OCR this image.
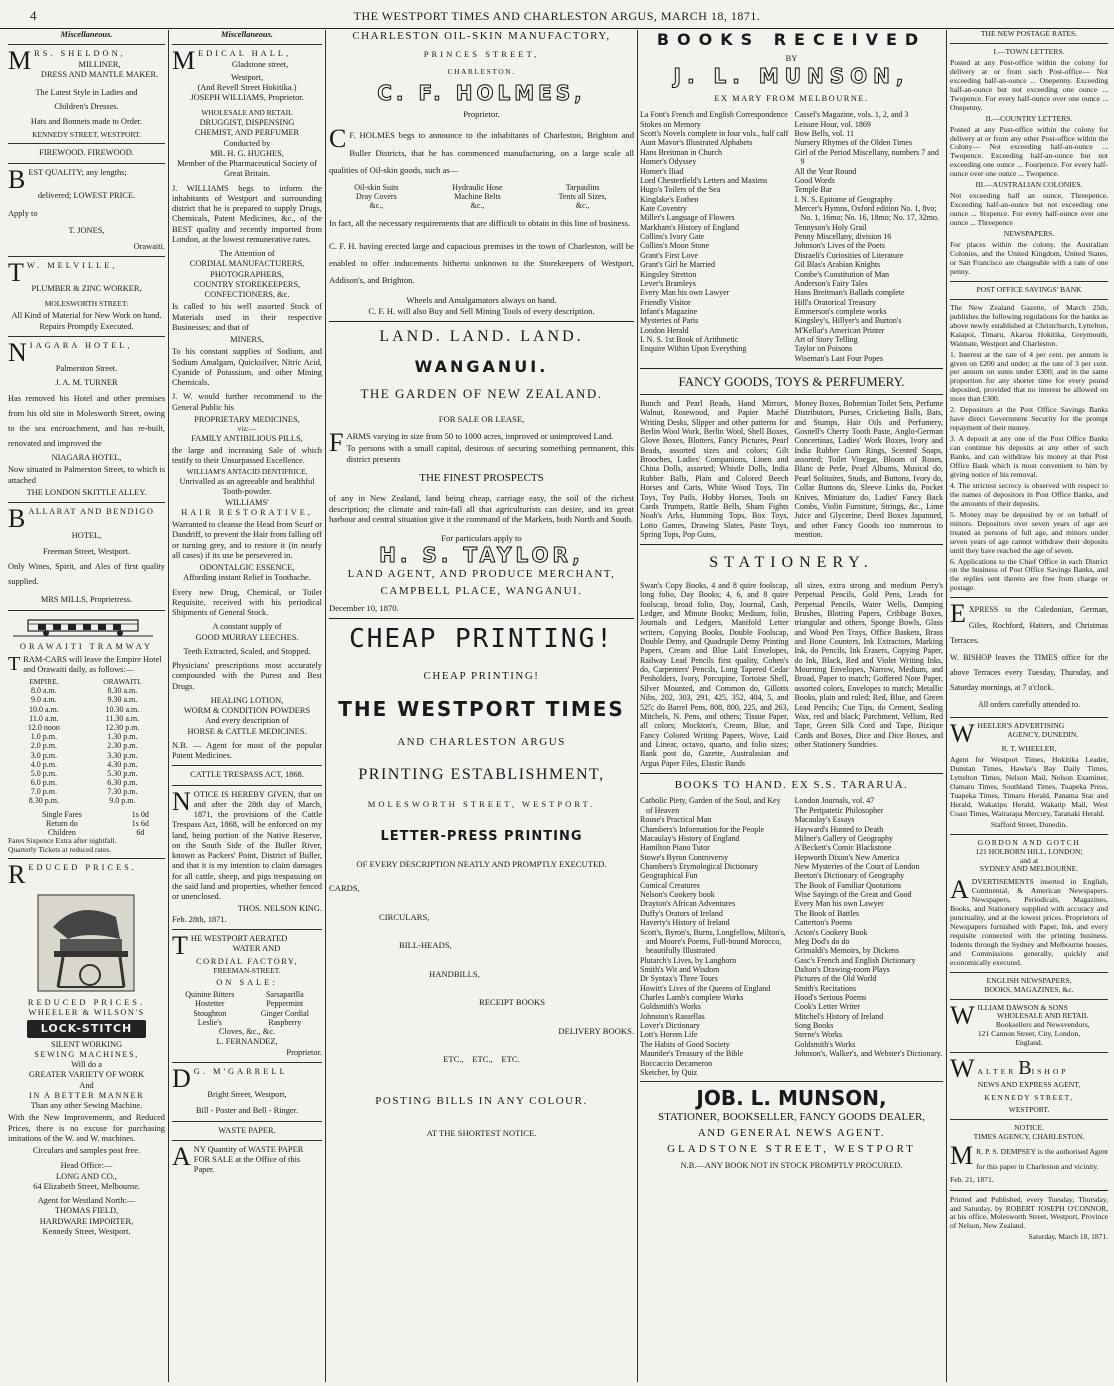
4	THE WESTPORT TIMES AND CHARLESTON ARGUS, MARCH 18, 1871.
Miscellaneous.
MRS. SHELDON,
MILLINER,
DRESS AND MANTLE MAKER.
The Latest Style in Ladies and
Children's Dresses.
Hats and Bonnets made to Order.
KENNEDY STREET, WESTPORT.
FIREWOOD. FIREWOOD.
BEST QUALITY; any lengths;
delivered; LOWEST PRICE.
Apply to
T. JONES,
Orawaiti.
T W. MELVILLE,
PLUMBER & ZINC WORKER,
MOLESWORTH STREET:
All Kind of Material for New Work on hand.
Repairs Promptly Executed.
NIAGARA HOTEL,
Palmerston Street.
J. A. M. TURNER
Has removed his Hotel and other premises from his old site in Molesworth Street, owing to the sea encroachment, and has re-built, renovated and improved the
NIAGARA HOTEL,
Now situated in Palmerston Street, to which is attached
THE LONDON SKITTLE ALLEY.
BALLARAT AND BENDIGO
HOTEL,
Freeman Street, Westport.
Only Wines, Spirit, and Ales of first quality supplied.
MRS MILLS, Proprietress.
ORAWAITI TRAMWAY
TRAM-CARS will leave the Empire Hotel and Orawaiti daily, as follows:—
EMPIRE.	ORAWAITI.
8.0 a.m.	8.30 a.m.
9.0 a.m.	9.30 a.m.
10.0 a.m.	10.30 a.m.
11.0 a.m.	11.30 a.m.
12.0 noon	12.30 p.m.
1.0 p.m.	1.30 p.m.
2.0 p.m.	2.30 p.m.
3.0 p.m.	3.30 p.m.
4.0 p.m.	4.30 p.m.
5.0 p.m.	5.30 p.m.
6.0 p.m.	6.30 p.m.
7.0 p.m.	7.30 p.m.
8.30 p.m.	9.0 p.m.
Single Fares	1s 0d
Return do	1s 6d
Children	6d
Fares Sixpence Extra after nightfall.
Quarterly Tickets at reduced rates.
REDUCED PRICES.
REDUCED PRICES.
WHEELER & WILSON'S
LOCK-STITCH
SILENT WORKING
SEWING MACHINES,
Will do a
GREATER VARIETY OF WORK
And
IN A BETTER MANNER
Than any other Sewing Machine.
With the New Improvements, and Reduced Prices, there is no excuse for purchasing imitations of the W. and W. machines.
Circulars and samples post free.
Head Office:—
LONG AND CO.,
64 Elizabeth Street, Melbourne.
Agent for Westland North:—
THOMAS FIELD,
HARDWARE IMPORTER,
Kennedy Street, Westport.
Miscellaneous.
MEDICAL HALL,
Gladstone street,
Westport,
(And Revell Street Hokitika.)
JOSEPH WILLIAMS, Proprietor.
WHOLESALE AND RETAIL
DRUGGIST, DISPENSING
CHEMIST, AND PERFUMER
Conducted by
MR. H. G. HUGHES,
Member of the Pharmaceutical Society of Great Britain.
J. WILLIAMS begs to inform the inhabitants of Westport and surrounding district that he is prepared to supply Drugs, Chemicals, Patent Medicines, &c., of the BEST quality and recently imported from London, at the lowest remunerative rates.
The Attention of
CORDIAL MANUFACTURERS,
PHOTOGRAPHERS,
COUNTRY STOREKEEPERS,
CONFECTIONERS, &c.
Is called to his well assorted Stock of Materials used in their respective Businesses; and that of
MINERS,
To his constant supplies of Sodium, and Sodium Amalgam, Quicksilver, Nitric Acid, Cyanide of Potassium, and other Mining Chemicals.
J. W. would further recommend to the General Public his
PROPRIETARY MEDICINES,
viz:—
FAMILY ANTIBILIOUS PILLS,
the large and increasing Sale of which testify to their Unsurpassed Excellence.
WILLIAM'S ANTACID DENTIFRICE,
Unrivalled as an agreeable and healthful Tooth-powder.
WILLIAMS'
HAIR RESTORATIVE,
Warranted to cleanse the Head from Scurf or Dandriff, to prevent the Hair from falling off or turning grey, and to restore it (in nearly all cases) if its use be persevered in.
ODONTALGIC ESSENCE,
Affording instant Relief in Toothache.
Every new Drug, Chemical, or Toilet Requisite, received with his periodical Shipments of General Stock.
A constant supply of
GOOD MURRAY LEECHES.
Teeth Extracted, Scaled, and Stopped.
Physicians' prescriptions most accurately compounded with the Purest and Best Drugs.
HEALING LOTION,
WORM & CONDITION POWDERS
And every description of
HORSE & CATTLE MEDICINES.
N.B. — Agent for most of the popular Patent Medicines.
CATTLE TRESPASS ACT, 1868.
NOTICE IS HEREBY GIVEN, that on and after the 28th day of March, 1871, the provisions of the Cattle Trespass Act, 1868, will be enforced on my land, being portion of the Native Reserve, on the South Side of the Buller River, known as Packers' Point, District of Buller, and that it is my intention to claim damages for all cattle, sheep, and pigs trespassing on the said land and properties, whether fenced or unenclosed.
THOS. NELSON KING.
Feb. 28th, 1871.
THE WESTPORT AERATED
WATER AND
CORDIAL FACTORY,
FREEMAN-STREET.
ON SALE:
Quinine Bitters	Sarsaparilla
Hostetter	Peppermint
Stoughton	Ginger Cordial
Leslie's	Raspberry
Cloves, &c., &c.
L. FERNANDEZ,
Proprietor.
D G. M'GARRELL
Bright Street, Westport,
Bill - Poster and Bell - Ringer.
WASTE PAPER.
ANY Quantity of WASTE PAPER
FOR SALE at the Office of this Paper.
CHARLESTON OIL-SKIN MANUFACTORY,
PRINCES STREET,
CHARLESTON.
C. F. HOLMES,
Proprietor.
C F. HOLMES begs to announce to the inhabitants of Charleston, Brighton and Buller Districts, that he has commenced manufacturing, on a large scale all qualities of Oil-skin goods, such as—
Oil-skin Suits	Hydraulic Hose	Tarpaulins
Dray Covers	Machine Belts	Tents all Sizes,
&c.,	&c.,	&c.,
In fact, all the necessary requirements that are difficult to obtain in this line of business.
C. F. H. having erected large and capacious premises in the town of Charleston, will be enabled to offer inducements hitherto unknown to the Storekeepers of Westport, Addison's, and Brighton.
Wheels and Amalgamators always on hand.
C. F. H. will also Buy and Sell Mining Tools of every description.
LAND. LAND. LAND.
WANGANUI.
THE GARDEN OF NEW ZEALAND.
FOR SALE OR LEASE,
FARMS varying in size from 50 to 1000 acres, improved or unimproved Land.
To persons with a small capital, desirous of securing something permanent, this district presents
THE FINEST PROSPECTS
of any in New Zealand, land being cheap, carriage easy, the soil of the richest description; the climate and rain-fall all that agriculturists can desire, and its great harbour and central situation give it the command of the Markets, both North and South.
For particulars apply to
H. S. TAYLOR,
LAND AGENT, AND PRODUCE MERCHANT,
CAMPBELL PLACE, WANGANUI.
December 10, 1870.
CHEAP PRINTING!
CHEAP PRINTING!
THE WESTPORT TIMES
AND CHARLESTON ARGUS
PRINTING ESTABLISHMENT,
MOLESWORTH STREET, WESTPORT.
LETTER-PRESS PRINTING
OF EVERY DESCRIPTION NEATLY AND PROMPTLY EXECUTED.
CARDS,
CIRCULARS,
BILL-HEADS,
HANDBILLS,
RECEIPT BOOKS
DELIVERY BOOKS.
ETC., ETC., ETC.
POSTING BILLS IN ANY COLOUR.
AT THE SHORTEST NOTICE.
BOOKS RECEIVED
BY
J. L. MUNSON,
EX MARY FROM MELBOURNE.
La Font's French and English Correspondence
Stokes on Memory
Scott's Novels complete in four vols., half calf
Aunt Mavor's Illustrated Alphabets
Hans Breitman in Church
Homer's Odyssey
Homer's Iliad
Lord Chesterfield's Letters and Maxims
Hugo's Toilers of the Sea
Kinglake's Eothen
Kate Coventry
Miller's Language of Flowers
Markham's History of England
Collins's Ivory Gate
Collins's Moon Stone
Grant's First Love
Grant's Girl he Married
Kingsley Stretton
Lever's Bramleys
Every Man his own Lawyer
Friendly Visitor
Infant's Magazine
Mysteries of Paris
London Herald
I. N. S. 1st Book of Arithmetic
Enquire Within Upon Everything
Cassel's Magazine, vols. 1, 2, and 3
Leisure Hour, vol. 1869
Bow Bells, vol. 11
Nursery Rhymes of the Olden Times
Girl of the Period Miscellany, numbers 7 and 9
All the Year Round
Good Words
Temple Bar
I. N. S. Epitome of Geography
Mercer's Hymns, Oxford edition No. 1, 8vo; No. 1, 16mo; No. 16, 18mo; No. 17, 32mo.
Tennyson's Holy Grail
Penny Miscellany, division 16
Johnson's Lives of the Poets
Disraeli's Curiosities of Literature
Gil Blas's Arabian Knights
Combe's Constitution of Man
Anderson's Fairy Tales
Hans Breitman's Ballads complete
Hill's Oratorical Treasury
Emmerson's complete works
Kingsley's, Hillyer's and Burton's
M'Kellar's American Printer
Art of Story Telling
Taylor on Poisons
Wiseman's Last Four Popes
FANCY GOODS, TOYS & PERFUMERY.
Bunch and Pearl Beads, Hand Mirrors, Walnut, Rosewood, and Papier Maché Writing Desks, Slipper and other patterns for Berlin Wool Work, Berlin Wool, Shell Boxes, Glove Boxes, Blotters, Fancy Pictures, Pearl Beads, assorted sizes and colors; Gilt Brooches, Ladies' Companions, Linen and China Dolls, assorted; Whistle Dolls, India Rubber Balls, Plain and Colored Beech Horses and Carts, White Wood Toys, Tin Toys, Toy Pails, Hobby Horses, Tools on Cards Trumpets, Rattle Bells, Sham Fights Noah's Arks, Humming Tops, Box Toys, Lotto Games, Drawing Slates, Paste Toys, Spring Tops, Pop Guns,
Money Boxes, Bohemian Toilet Sets, Perfume Distributors, Purses, Cricketing Balls, Bats, and Stumps, Hair Oils and Perfumery, Gosnell's Cherry Tooth Paste, Anglo-German Concertinas, Ladies' Work Boxes, Ivory and India Rubber Gum Rings, Scented Soaps, assorted; Toilet Vinegar, Bloom of Roses, Blanc de Perle, Pearl Albums, Musical do, Pearl Solitaires, Studs, and Buttons, Ivory do, Collar Buttons do, Sleeve Links do, Pocket Knives, Miniature do, Ladies' Fancy Back Combs, Violin Furniture, Strings, &c., Lime Juice and Glycerine, Deed Boxes Japanned, and other Fancy Goods too numerous to mention.
STATIONERY.
Swan's Copy Books, 4 and 8 quire foolscap, long folio, Day Books; 4, 6, and 8 quire foolscap, broad folio, Day, Journal, Cash, Ledger, and Minute Books; Medium, folio, Journals and Ledgers, Manifold Letter writers, Copying Books, Double Foolscap, Double Demy, and Quadruple Demy Printing Papers, Cream and Blue Laid Envelopes, Railway Lead Pencils first quality, Cohen's do, Carpenters' Pencils, Long Tapered Cedar Penholders, Ivory, Porcupine, Tortoise Shell, Silver Mounted, and Common do, Gillotts Nibs, 202, 303, 291, 425, 352, 404, 5, and 525; do Barrel Pens, 808, 800, 225, and 263, Mitchels, N. Pens, and others; Tissue Paper, all colors; Mockton's, Cream, Blue, and Fancy Colored Writing Papers, Wove, Laid and Linear, octavo, quarto, and folio sizes; Bank post do, Gazette, Australasian and Argus Paper Files, Elastic Bands
all sizes, extra strong and medium Perry's Perpetual Pencils, Gold Pens, Leads for Perpetual Pencils, Water Wells, Damping Brushes, Blotting Papers, Cribbage Boxes, triangular and others, Sponge Bowls, Glass and Wood Pen Trays, Office Baskets, Brass and Bone Counters, Ink Extractors, Marking Ink, do Pencils, Ink Erasers, Copying Paper, do Ink, Black, Red and Violet Writing Inks, Mourning Envelopes, Narrow, Medium, and Broad, Paper to match; Goffered Note Paper, assorted colors, Envelopes to match; Metallic Books, plain and ruled; Red, Blue, and Green Lead Pencils; Cue Tips, do Cement, Sealing Wax, red and black; Parchment, Vellum, Red Tape, Green Silk Cord and Tape, Bizique Cards and Boxes, Dice and Dice Boxes, and other Stationery Sundries.
BOOKS TO HAND. EX S.S. TARARUA.
Catholic Piety, Garden of the Soul, and Key of Heaven
Rouse's Practical Man
Chambers's Information for the People
Macaulay's History of England
Hamilton Piano Tutor
Stowe's Byron Controversy
Chambers's Etymological Dictionary
Geographical Fun
Comical Creatures
Nelson's Cookery book
Drayton's African Adventures
Duffy's Orators of Ireland
Haverty's History of Ireland
Scott's, Byron's, Burns, Longfellow, Milton's, and Moore's Poems, Full-bound Morocco, beautifully Illustrated
Plutarch's Lives, by Langhorn
Smith's Wit and Wisdom
Dr Syntax's Three Tours
Howitt's Lives of the Queens of England
Charles Lamb's complete Works
Goldsmith's Works
Johnston's Rassellas
Lover's Dictionary
Lott's Horem Life
The Habits of Good Society
Maunder's Treasury of the Bible
Boccaccio Decameron
Sketcher, by Quiz
London Journals, vol. 47
The Peripatetic Philosopher
Macaulay's Essays
Hayward's Hunted to Death
Milner's Gallery of Geography
A'Beckett's Comic Blackstone
Hepworth Dixon's New America
New Mysteries of the Court of London
Beeton's Dictionary of Geography
The Book of Familiar Quotations
Wise Sayings of the Great and Good
Every Man his own Lawyer
The Book of Battles
Catterton's Poems
Acton's Cookery Book
Meg Dod's do do
Grimaldi's Memoirs, by Dickens
Gasc's French and English Dictionary
Dalton's Drawing-room Plays
Pictures of the Old World
Smith's Recitations
Hood's Serious Poems
Cook's Letter Writer
Mitchel's History of Ireland
Song Books
Sterne's Works
Goldsmith's Works
Johnson's, Walker's, and Webster's Dictionary.
JOB. L. MUNSON,
STATIONER, BOOKSELLER, FANCY GOODS DEALER,
AND GENERAL NEWS AGENT.
GLADSTONE STREET, WESTPORT
N.B.—ANY BOOK NOT IN STOCK PROMPTLY PROCURED.
THE NEW POSTAGE RATES.
I.—TOWN LETTERS.
Posted at any Post-office within the colony for delivery at or from such Post-office— Not exceeding half-an-ounce ... Onepenny. Exceeding half-an-ounce but not exceeding one ounce ... Twopence. For every half-ounce over one ounce ... Onepenny.
II.—COUNTRY LETTERS.
Posted at any Post-office within the colony for delivery at or from any other Post-office within the Colony— Not exceeding half-an-ounce ... Twopence. Exceeding half-an-ounce but not exceeding one ounce ... Fourpence. For every half-ounce over one ounce ... Twopence.
III.—AUSTRALIAN COLONIES.
Not exceeding half an ounce, Threepence. Exceeding half-an-ounce but not exceeding one ounce ... Sixpence. For every half-ounce over one ounce ... Threepence
NEWSPAPERS.
For places within the colony, the Australian Colonies, and the United Kingdom, United States, or San Francisco are chargeable with a rate of one penny.
POST OFFICE SAVINGS' BANK
The New Zealand Gazette, of March 25th, publishes the following regulations for the banks as above newly established at Christchurch, Lyttelton, Kaiapoi, Timaru, Akaroa Hokitika, Greymouth, Waimate, Westport and Charleston.
1. Interest at the rate of 4 per cent. per annum is given on £200 and under; at the rate of 3 per cent. per annum on sums under £300; and in the same proportion for any shorter time for every pound deposited, provided that no interest be allowed on more than £300.
2. Depositors at the Post Office Savings Banks have direct Government Security for the prompt repayment of their money.
3. A deposit at any one of the Post Office Banks can continue his deposits at any other of such Banks, and can withdraw his money at that Post Office Bank which is most convenient to him by giving notice of his removal.
4. The strictest secrecy is observed with respect to the names of depositors in Post Office Banks, and the amounts of their deposits.
5. Money may be deposited by or on behalf of minors. Depositors over seven years of age are treated as persons of full age, and minors under seven years of age cannot withdraw their deposits until they have reached the age of seven.
6. Applications to the Chief Office in each District on the business of Post Office Savings Banks, and the replies sent thereto are free from charge or postage.
EXPRESS to the Caledonian, German, Giles, Rochford, Hatters, and Christmas Terraces.
W. BISHOP leaves the TIMES office for the above Terraces every Tuesday, Thursday, and Saturday mornings, at 7 o'clock.
All orders carefully attended to.
WHEELER'S ADVERTISING
AGENCY, DUNEDIN.
R. T. WHEELER,
Agent for Westport Times, Hokitika Leader, Dunstan Times, Hawke's Bay Daily Times, Lyttelton Times, Nelson Mail, Nelson Examiner, Oamaru Times, Southland Times, Tuapeka Press, Tuapeka Times, Timaru Herald, Panama Star and Herald, Wakatipu Herald, Wakatip Mail, West Coast Times, Wairarapa Mercury, Taranaki Herald.
Stafford Street, Dunedin.
GORDON AND GOTCH
121 HOLBORN HILL, LONDON;
and at
SYDNEY AND MELBOURNE.
ADVERTISEMENTS inserted in English, Continental, & American Newspapers. Newspapers, Periodicals, Magazines, Books, and Stationery supplied with accuracy and punctuality, and at the lowest prices. Proprietors of Newspapers furnished with Paper, Ink, and every requisite connected with the printing business. Indents through the Sydney and Melbourne houses, and Commissions generally, quickly and economically executed.
ENGLISH NEWSPAPERS,
BOOKS, MAGAZINES, &c.
WILLIAM DAWSON & SONS
WHOLESALE AND RETAIL
Booksellers and Newsvendors,
121 Cannon Street, City, London,
England.
WALTER BISHOP
NEWS AND EXPRESS AGENT,
KENNEDY STREET,
WESTPORT.
NOTICE.
TIMES AGENCY, CHARLESTON.
M R. P. S. DEMPSEY is the authorised Agent for this paper in Charleston and vicinity.
Feb. 21, 1871.
Printed and Published, every Tuesday, Thursday, and Saturday, by ROBERT JOSEPH O'CONNOR, at his office, Molesworth Street, Westport, Province of Nelson, New Zealand.
Saturday, March 18, 1871.
